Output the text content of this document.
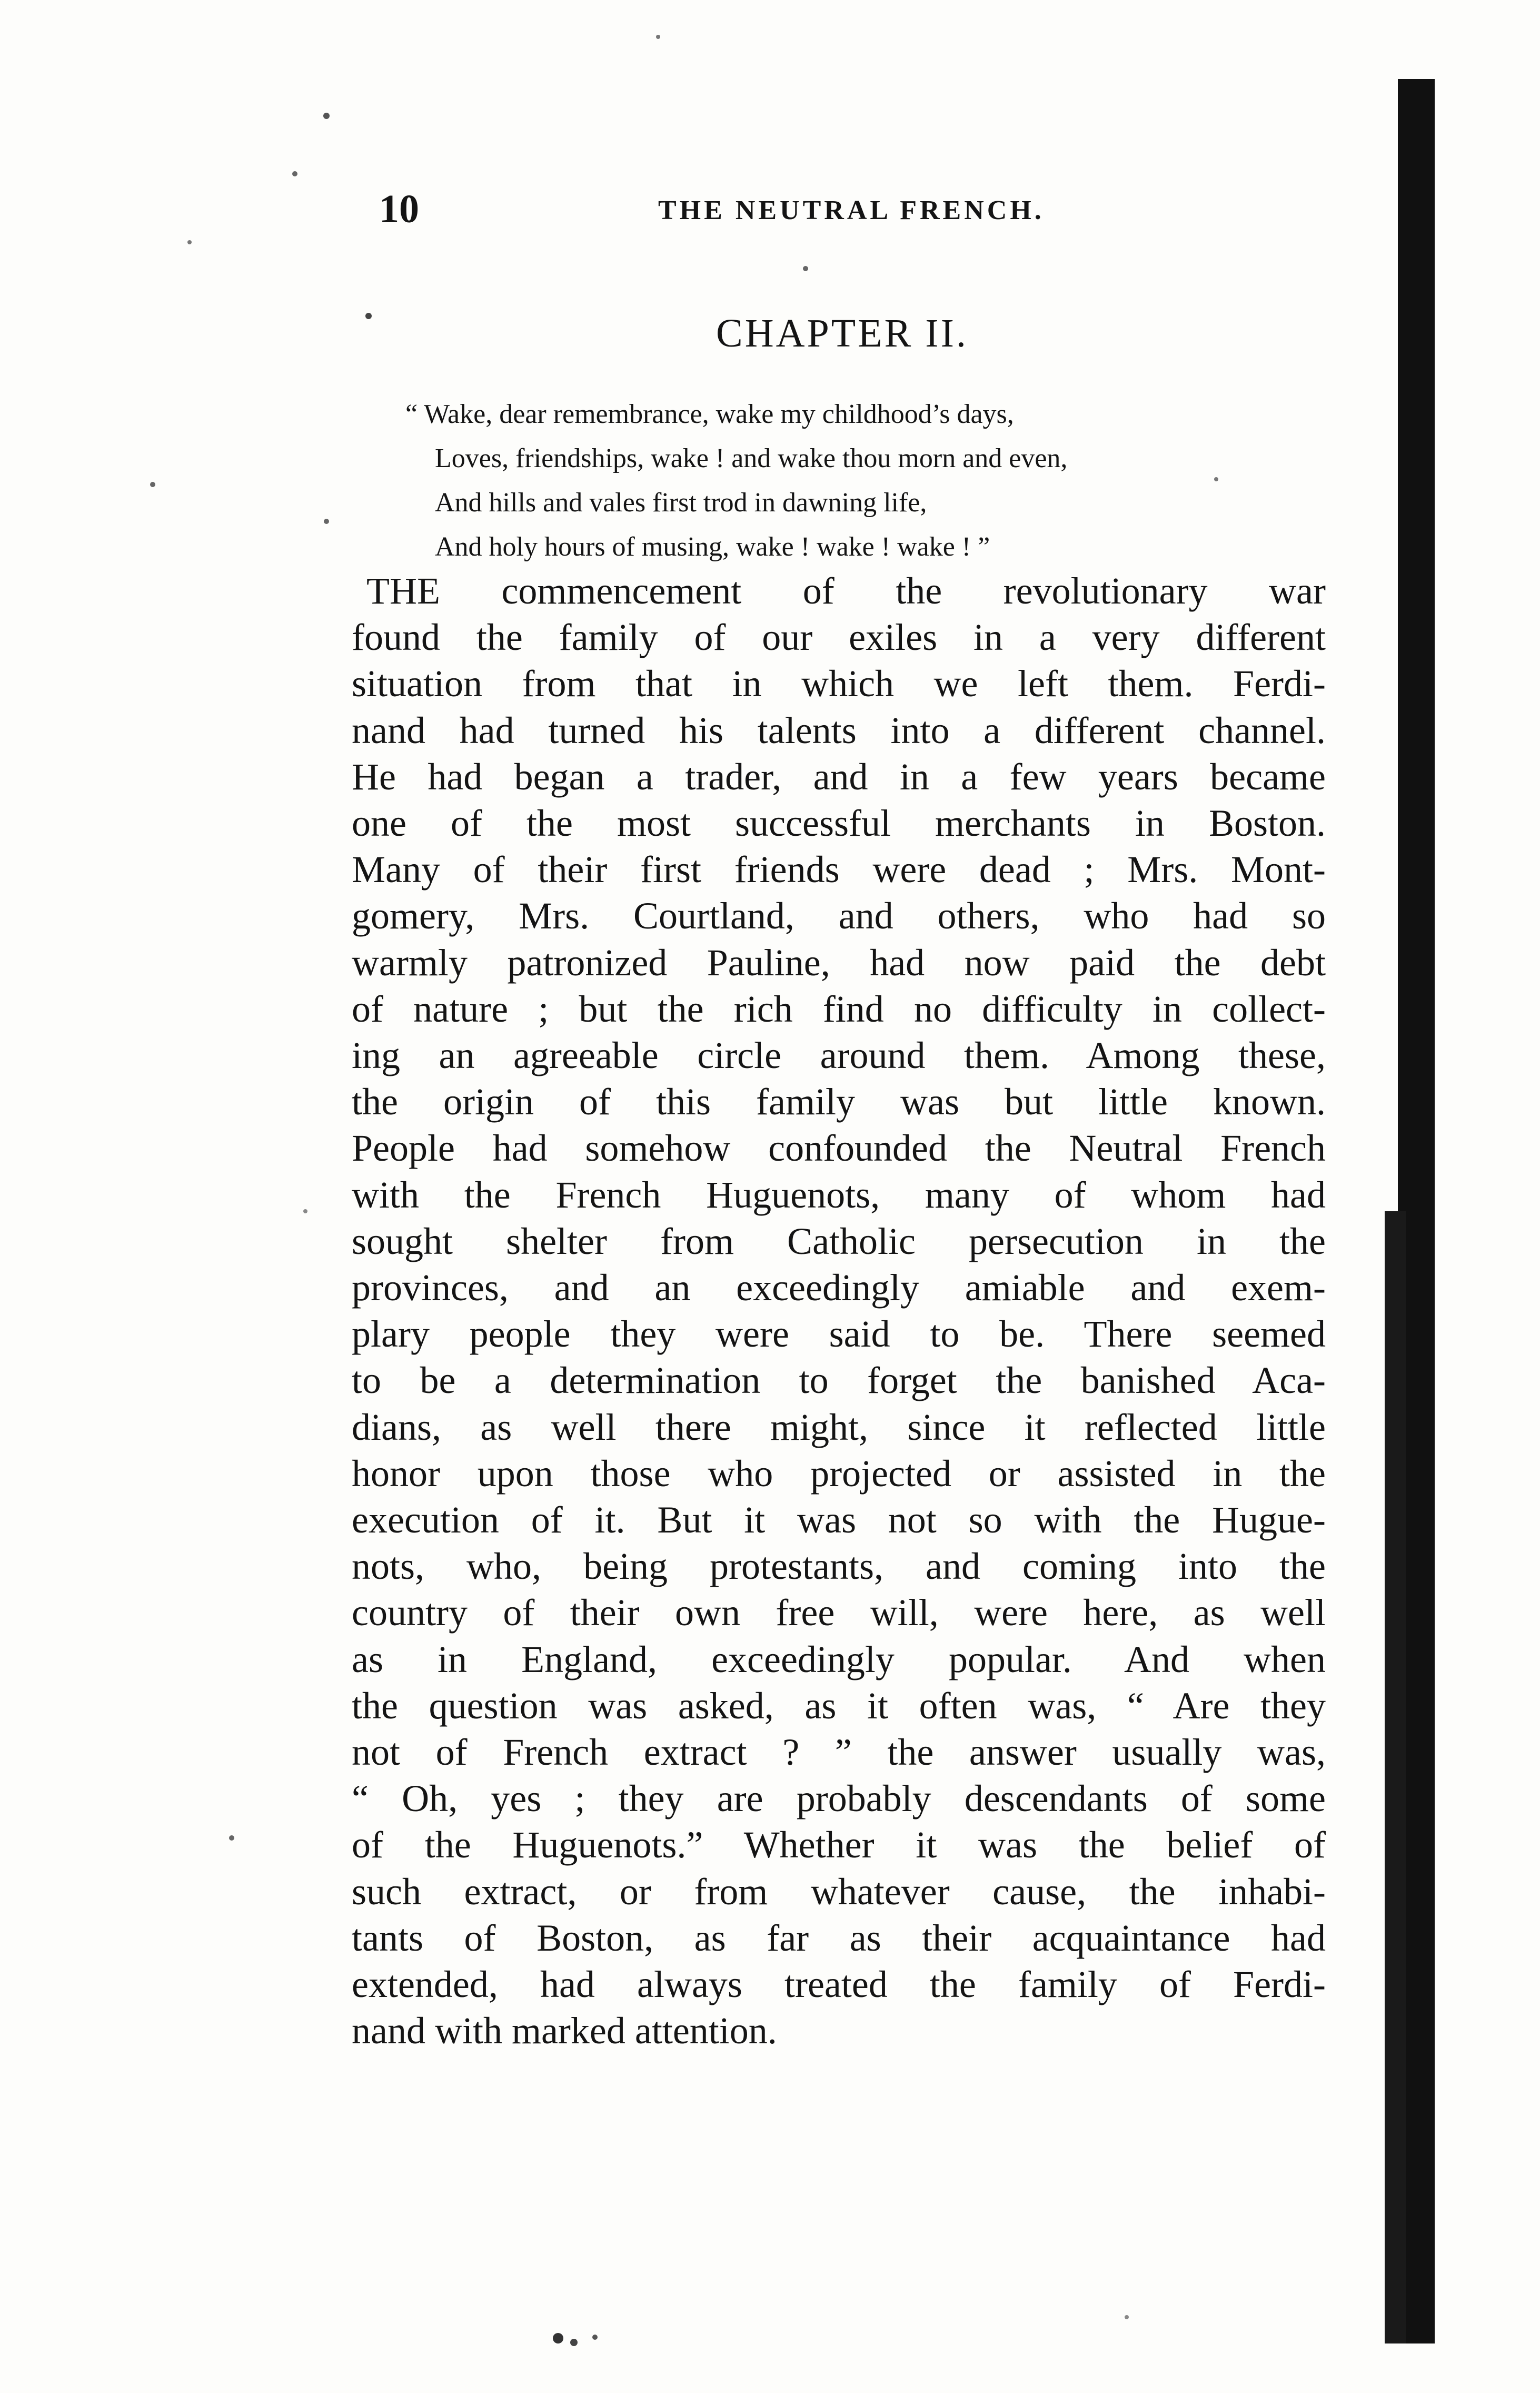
10	THE NEUTRAL FRENCH.
CHAPTER II.
“ Wake, dear remembrance, wake my childhood’s days,
Loves, friendships, wake ! and wake thou morn and even,
And hills and vales first trod in dawning life,
And holy hours of musing, wake ! wake ! wake ! ”
THE commencement of the revolutionary war
found the family of our exiles in a very different
situation from that in which we left them. Ferdi-
nand had turned his talents into a different channel.
He had began a trader, and in a few years became
one of the most successful merchants in Boston.
Many of their first friends were dead ; Mrs. Mont-
gomery, Mrs. Courtland, and others, who had so
warmly patronized Pauline, had now paid the debt
of nature ; but the rich find no difficulty in collect-
ing an agreeable circle around them. Among these,
the origin of this family was but little known.
People had somehow confounded the Neutral French
with the French Huguenots, many of whom had
sought shelter from Catholic persecution in the
provinces, and an exceedingly amiable and exem-
plary people they were said to be. There seemed
to be a determination to forget the banished Aca-
dians, as well there might, since it reflected little
honor upon those who projected or assisted in the
execution of it. But it was not so with the Hugue-
nots, who, being protestants, and coming into the
country of their own free will, were here, as well
as in England, exceedingly popular. And when
the question was asked, as it often was, “ Are they
not of French extract ? ” the answer usually was,
“ Oh, yes ; they are probably descendants of some
of the Huguenots.” Whether it was the belief of
such extract, or from whatever cause, the inhabi-
tants of Boston, as far as their acquaintance had
extended, had always treated the family of Ferdi-
nand with marked attention.
